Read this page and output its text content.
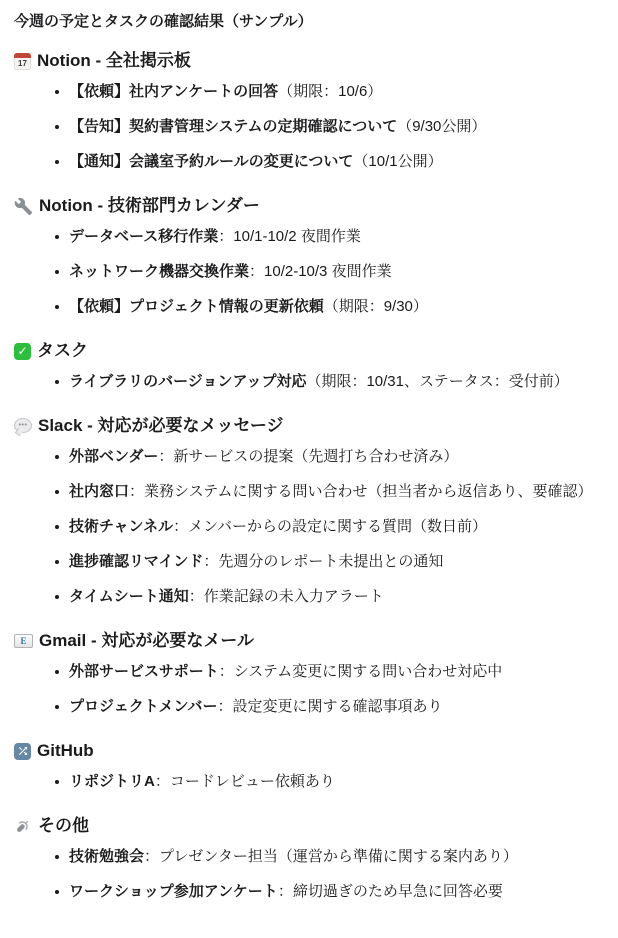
今週の予定とタスクの確認結果（サンプル）
17 Notion - 全社掲示板
【依頼】社内アンケートの回答（期限：10/6）
【告知】契約書管理システムの定期確認について（9/30公開）
【通知】会議室予約ルールの変更について（10/1公開）
Notion - 技術部門カレンダー
データベース移行作業：10/1-10/2 夜間作業
ネットワーク機器交換作業：10/2-10/3 夜間作業
【依頼】プロジェクト情報の更新依頼（期限：9/30）
✓
タスク
ライブラリのバージョンアップ対応（期限：10/31、ステータス：受付前）
•••
Slack - 対応が必要なメッセージ
外部ベンダー：新サービスの提案（先週打ち合わせ済み）
社内窓口：業務システムに関する問い合わせ（担当者から返信あり、要確認）
技術チャンネル：メンバーからの設定に関する質問（数日前）
進捗確認リマインド：先週分のレポート未提出との通知
タイムシート通知：作業記録の未入力アラート
E Gmail - 対応が必要なメール
外部サービスサポート：システム変更に関する問い合わせ対応中
プロジェクトメンバー：設定変更に関する確認事項あり
GitHub
リポジトリA：コードレビュー依頼あり
その他
技術勉強会：プレゼンター担当（運営から準備に関する案内あり）
ワークショップ参加アンケート：締切過ぎのため早急に回答必要
